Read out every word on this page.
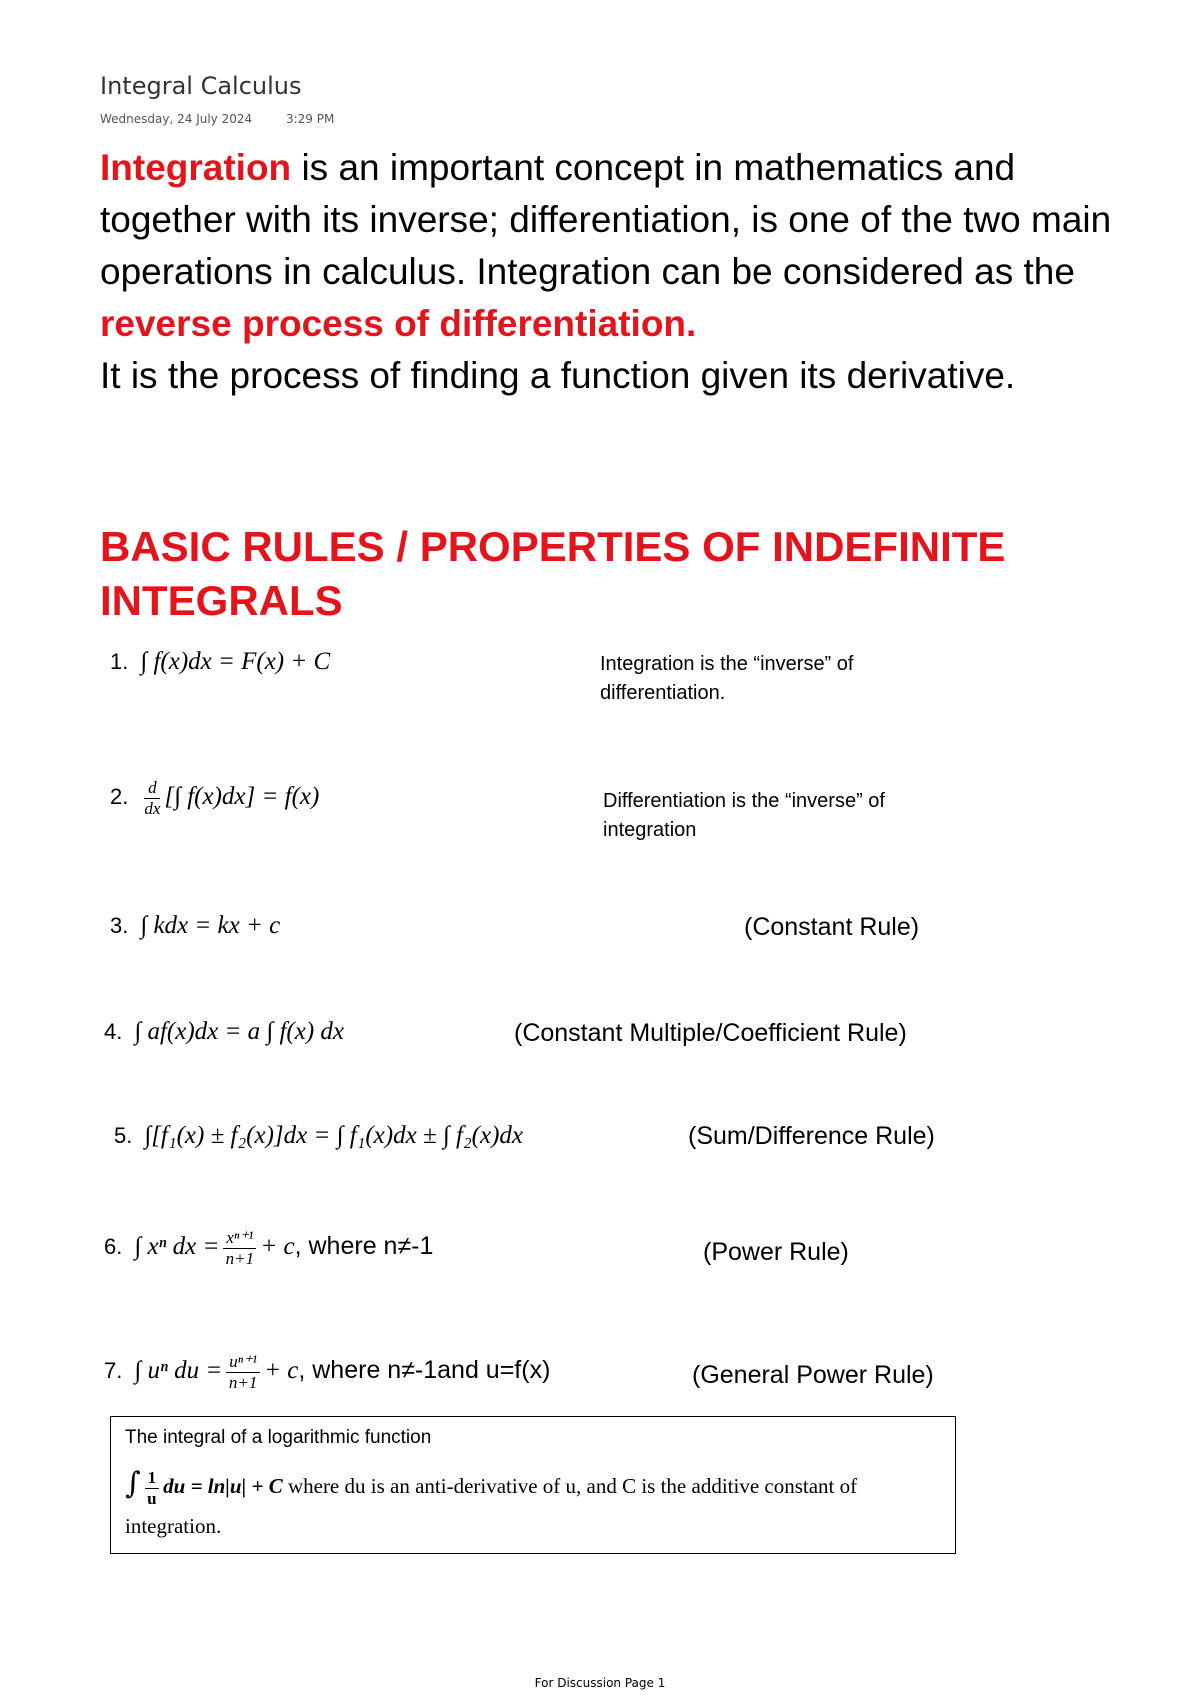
Integral Calculus
Wednesday, 24 July 2024	3:29 PM
Integration is an important concept in mathematics and together with its inverse; differentiation, is one of the two main operations in calculus. Integration can be considered as the reverse process of differentiation.
It is the process of finding a function given its derivative.
BASIC RULES / PROPERTIES OF INDEFINITE INTEGRALS
1. ∫ f(x)dx = F(x) + C	Integration is the “inverse” of differentiation.
2. $\frac{d}{dx}$ [∫ f(x)dx] = f(x)	Differentiation is the “inverse” of integration
3. ∫ kdx = kx + c	(Constant Rule)
4. ∫ af(x)dx = a ∫ f(x) dx	(Constant Multiple/Coefficient Rule)
5. ∫[f₁(x) ± f₂(x)]dx = ∫ f₁(x)dx ± ∫ f₂(x)dx	(Sum/Difference Rule)
6. ∫ xⁿ dx = $\frac{\text{xⁿ⁺¹}}{n+1} + c$, where n≠-1	(Power Rule)
7. ∫ uⁿ du = $\frac{\text{uⁿ⁺¹}}{n+1} + c$, where n≠-1and u=f(x)	(General Power Rule)
The integral of a logarithmic function
∫ $\frac{1}{u}$ du = ln|u| + C where du is an anti-derivative of u, and C is the additive constant of integration.
For Discussion Page 1
